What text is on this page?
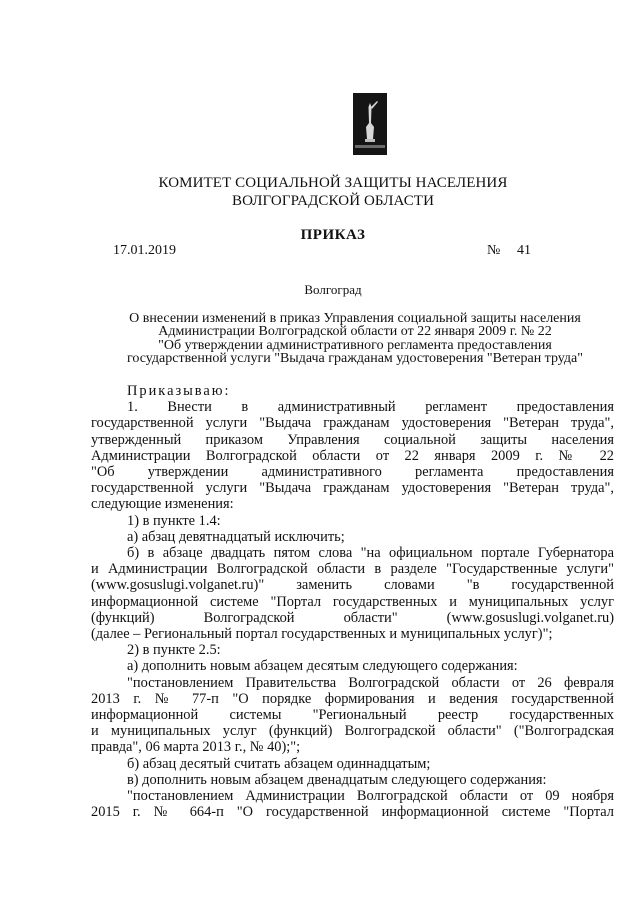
КОМИТЕТ СОЦИАЛЬНОЙ ЗАЩИТЫ НАСЕЛЕНИЯ
ВОЛГОГРАДСКОЙ ОБЛАСТИ
ПРИКАЗ
17.01.2019	№ 41
Волгоград
О внесении изменений в приказ Управления социальной защиты населения
Администрации Волгоградской области от 22 января 2009 г. № 22
"Об утверждении административного регламента предоставления
государственной услуги "Выдача гражданам удостоверения "Ветеран труда"

Приказываю:

1. Внести в административный регламент предоставления

государственной услуги "Выдача гражданам удостоверения "Ветеран труда",

утвержденный приказом Управления социальной защиты населения

Администрации Волгоградской области от 22 января 2009 г. № 22

"Об утверждении административного регламента предоставления

государственной услуги "Выдача гражданам удостоверения "Ветеран труда",

следующие изменения:

1) в пункте 1.4:

а) абзац девятнадцатый исключить;

б) в абзаце двадцать пятом слова "на официальном портале Губернатора

и Администрации Волгоградской области в разделе "Государственные услуги"

(www.gosuslugi.volganet.ru)" заменить словами "в государственной

информационной системе "Портал государственных и муниципальных услуг

(функций) Волгоградской области" (www.gosuslugi.volganet.ru)

(далее – Региональный портал государственных и муниципальных услуг)";

2) в пункте 2.5:

а) дополнить новым абзацем десятым следующего содержания:

"постановлением Правительства Волгоградской области от 26 февраля

2013 г. № 77-п "О порядке формирования и ведения государственной

информационной системы "Региональный реестр государственных

и муниципальных услуг (функций) Волгоградской области" ("Волгоградская

правда", 06 марта 2013 г., № 40);";

б) абзац десятый считать абзацем одиннадцатым;

в) дополнить новым абзацем двенадцатым следующего содержания:

"постановлением Администрации Волгоградской области от 09 ноября

2015 г. № 664-п "О государственной информационной системе "Портал
